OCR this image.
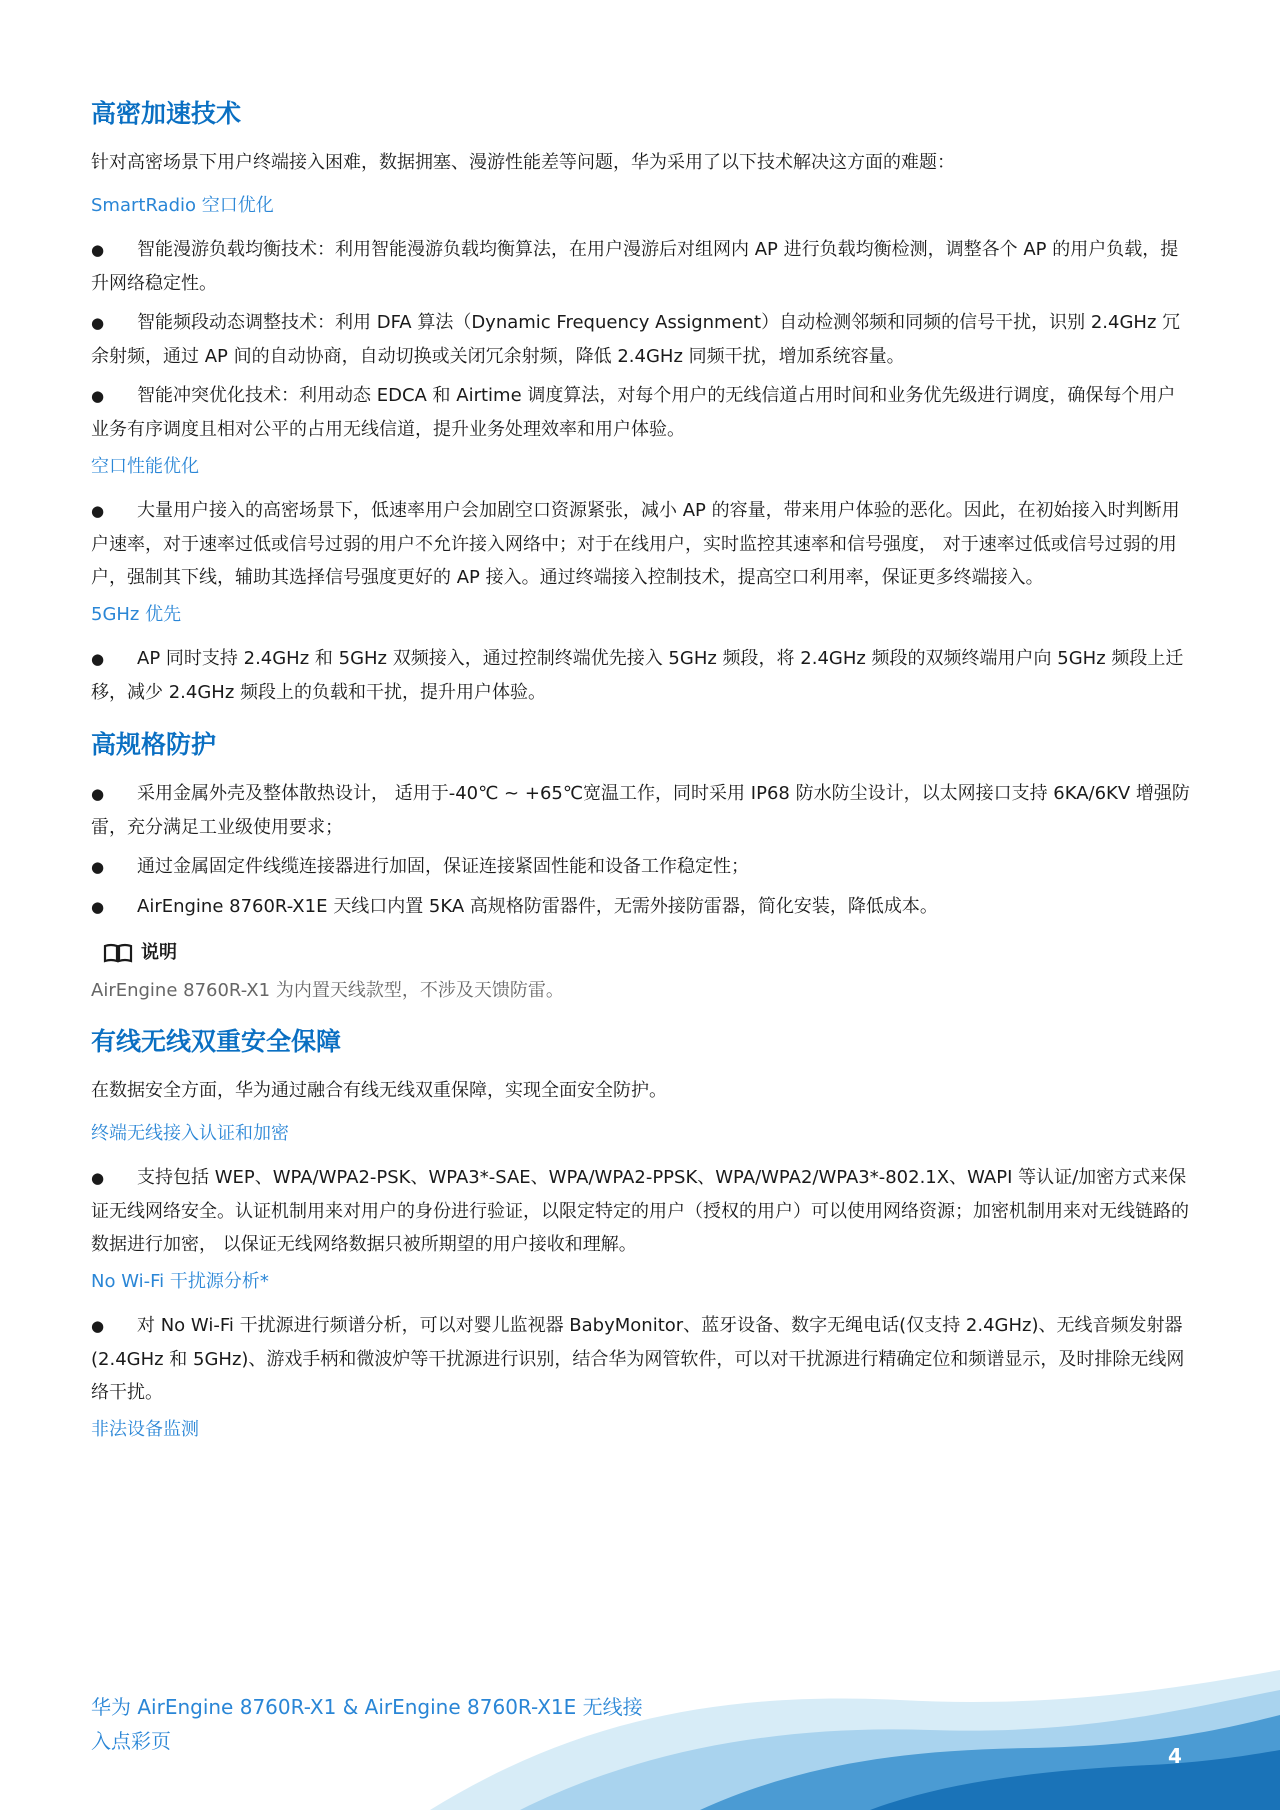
高密加速技术

针对高密场景下用户终端接入困难，数据拥塞、漫游性能差等问题，华为采用了以下技术解决这方面的难题：

SmartRadio 空口优化
●智能漫游负载均衡技术：利用智能漫游负载均衡算法，在用户漫游后对组网内 AP 进行负载均衡检测，调整各个 AP 的用户负载，提升网络稳定性。
●智能频段动态调整技术：利用 DFA 算法（Dynamic Frequency Assignment）自动检测邻频和同频的信号干扰，识别 2.4GHz 冗余射频，通过 AP 间的自动协商，自动切换或关闭冗余射频，降低 2.4GHz 同频干扰，增加系统容量。
●智能冲突优化技术：利用动态 EDCA 和 Airtime 调度算法，对每个用户的无线信道占用时间和业务优先级进行调度，确保每个用户业务有序调度且相对公平的占用无线信道，提升业务处理效率和用户体验。
空口性能优化
●大量用户接入的高密场景下，低速率用户会加剧空口资源紧张，减小 AP 的容量，带来用户体验的恶化。因此，在初始接入时判断用户速率，对于速率过低或信号过弱的用户不允许接入网络中；对于在线用户，实时监控其速率和信号强度， 对于速率过低或信号过弱的用户，强制其下线，辅助其选择信号强度更好的 AP 接入。通过终端接入控制技术，提高空口利用率，保证更多终端接入。
5GHz 优先
●AP 同时支持 2.4GHz 和 5GHz 双频接入，通过控制终端优先接入 5GHz 频段，将 2.4GHz 频段的双频终端用户向 5GHz 频段上迁移，减少 2.4GHz 频段上的负载和干扰，提升用户体验。
高规格防护
●采用金属外壳及整体散热设计， 适用于-40℃ ~ +65℃宽温工作，同时采用 IP68 防水防尘设计，以太网接口支持 6KA/6KV 增强防雷，充分满足工业级使用要求；
●通过金属固定件线缆连接器进行加固，保证连接紧固性能和设备工作稳定性；
●AirEngine 8760R-X1E 天线口内置 5KA 高规格防雷器件，无需外接防雷器，简化安装，降低成本。
说明

AirEngine 8760R-X1 为内置天线款型，不涉及天馈防雷。

有线无线双重安全保障

在数据安全方面，华为通过融合有线无线双重保障，实现全面安全防护。

终端无线接入认证和加密
●支持包括 WEP、WPA/WPA2-PSK、WPA3*-SAE、WPA/WPA2-PPSK、WPA/WPA2/WPA3*-802.1X、WAPI 等认证/加密方式来保证无线网络安全。认证机制用来对用户的身份进行验证，以限定特定的用户（授权的用户）可以使用网络资源；加密机制用来对无线链路的数据进行加密， 以保证无线网络数据只被所期望的用户接收和理解。
No Wi-Fi 干扰源分析*
●对 No Wi-Fi 干扰源进行频谱分析，可以对婴儿监视器 BabyMonitor、蓝牙设备、数字无绳电话(仅支持 2.4GHz)、无线音频发射器(2.4GHz 和 5GHz)、游戏手柄和微波炉等干扰源进行识别，结合华为网管软件，可以对干扰源进行精确定位和频谱显示，及时排除无线网络干扰。
非法设备监测
华为 AirEngine 8760R-X1 & AirEngine 8760R-X1E 无线接入点彩页
4
